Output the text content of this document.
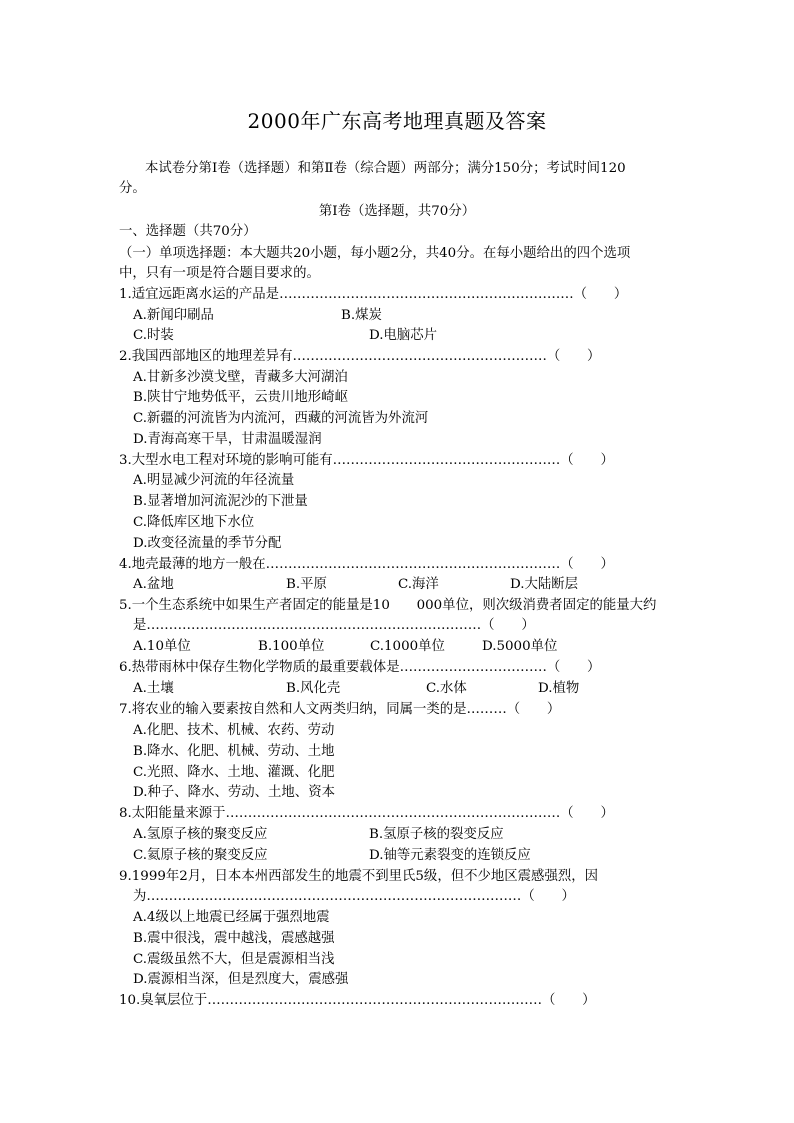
2000年广东高考地理真题及答案
本试卷分第Ⅰ卷（选择题）和第Ⅱ卷（综合题）两部分；满分150分；考试时间120
分。
第Ⅰ卷（选择题，共70分）
一、选择题（共70分）
（一）单项选择题：本大题共20小题，每小题2分，共40分。在每小题给出的四个选项
中，只有一项是符合题目要求的。
1.适宜远距离水运的产品是…………………………………………………………（　　）
A.新闻印刷品	B.煤炭
C.时装	D.电脑芯片
2.我国西部地区的地理差异有…………………………………………………（　　）
A.甘新多沙漠戈壁，青藏多大河湖泊
B.陕甘宁地势低平，云贵川地形崎岖
C.新疆的河流皆为内流河，西藏的河流皆为外流河
D.青海高寒干旱，甘肃温暖湿润
3.大型水电工程对环境的影响可能有……………………………………………（　　）
A.明显减少河流的年径流量
B.显著增加河流泥沙的下泄量
C.降低库区地下水位
D.改变径流量的季节分配
4.地壳最薄的地方一般在…………………………………………………………（　　）
A.盆地	B.平原	C.海洋	D.大陆断层
5.一个生态系统中如果生产者固定的能量是10　　000单位，则次级消费者固定的能量大约
是…………………………………………………………………（　　）
A.10单位	B.100单位	C.1000单位	D.5000单位
6.热带雨林中保存生物化学物质的最重要载体是……………………………（　　）
A.土壤	B.风化壳	C.水体	D.植物
7.将农业的输入要素按自然和人文两类归纳，同属一类的是………（　　）
A.化肥、技术、机械、农药、劳动
B.降水、化肥、机械、劳动、土地
C.光照、降水、土地、灌溉、化肥
D.种子、降水、劳动、土地、资本
8.太阳能量来源于…………………………………………………………………（　　）
A.氢原子核的聚变反应	B.氢原子核的裂变反应
C.氦原子核的聚变反应	D.铀等元素裂变的连锁反应
9.1999年2月，日本本州西部发生的地震不到里氏5级，但不少地区震感强烈，因
为…………………………………………………………………………（　　）
A.4级以上地震已经属于强烈地震
B.震中很浅，震中越浅，震感越强
C.震级虽然不大，但是震源相当浅
D.震源相当深，但是烈度大，震感强
10.臭氧层位于…………………………………………………………………（　　）
